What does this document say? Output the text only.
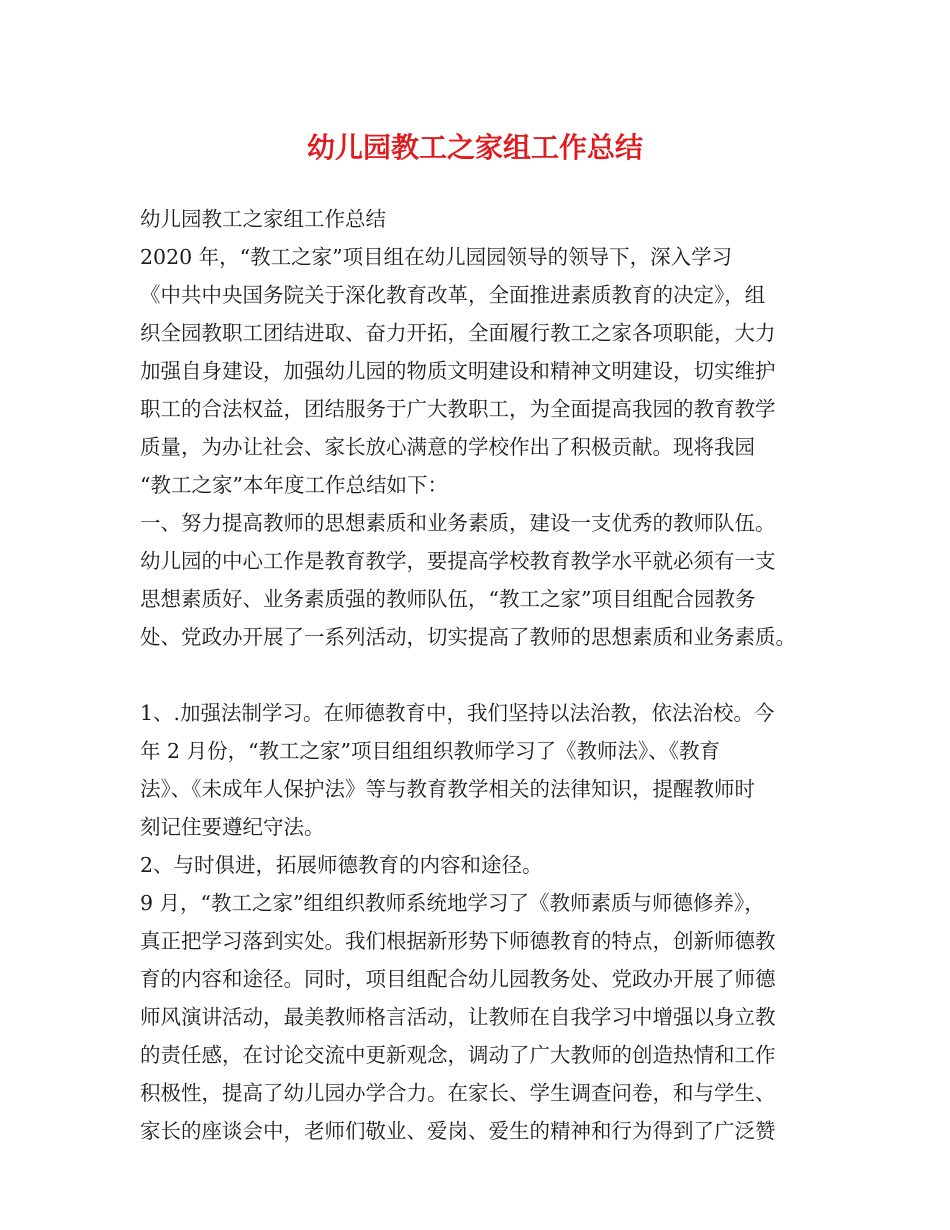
幼儿园教工之家组工作总结
幼儿园教工之家组工作总结
2020 年，“教工之家”项目组在幼儿园园领导的领导下，深入学习
《中共中央国务院关于深化教育改革，全面推进素质教育的决定》，组
织全园教职工团结进取、奋力开拓，全面履行教工之家各项职能，大力
加强自身建设，加强幼儿园的物质文明建设和精神文明建设，切实维护
职工的合法权益，团结服务于广大教职工，为全面提高我园的教育教学
质量，为办让社会、家长放心满意的学校作出了积极贡献。现将我园
“教工之家”本年度工作总结如下：
一、努力提高教师的思想素质和业务素质，建设一支优秀的教师队伍。
幼儿园的中心工作是教育教学，要提高学校教育教学水平就必须有一支
思想素质好、业务素质强的教师队伍，“教工之家”项目组配合园教务
处、党政办开展了一系列活动，切实提高了教师的思想素质和业务素质。
1、.加强法制学习。在师德教育中，我们坚持以法治教，依法治校。今
年 2 月份，“教工之家”项目组组织教师学习了《教师法》、《教育
法》、《未成年人保护法》等与教育教学相关的法律知识，提醒教师时
刻记住要遵纪守法。
2、与时俱进，拓展师德教育的内容和途径。
9 月，“教工之家”组组织教师系统地学习了《教师素质与师德修养》，
真正把学习落到实处。我们根据新形势下师德教育的特点，创新师德教
育的内容和途径。同时，项目组配合幼儿园教务处、党政办开展了师德
师风演讲活动，最美教师格言活动，让教师在自我学习中增强以身立教
的责任感，在讨论交流中更新观念，调动了广大教师的创造热情和工作
积极性，提高了幼儿园办学合力。在家长、学生调查问卷，和与学生、
家长的座谈会中，老师们敬业、爱岗、爱生的精神和行为得到了广泛赞
